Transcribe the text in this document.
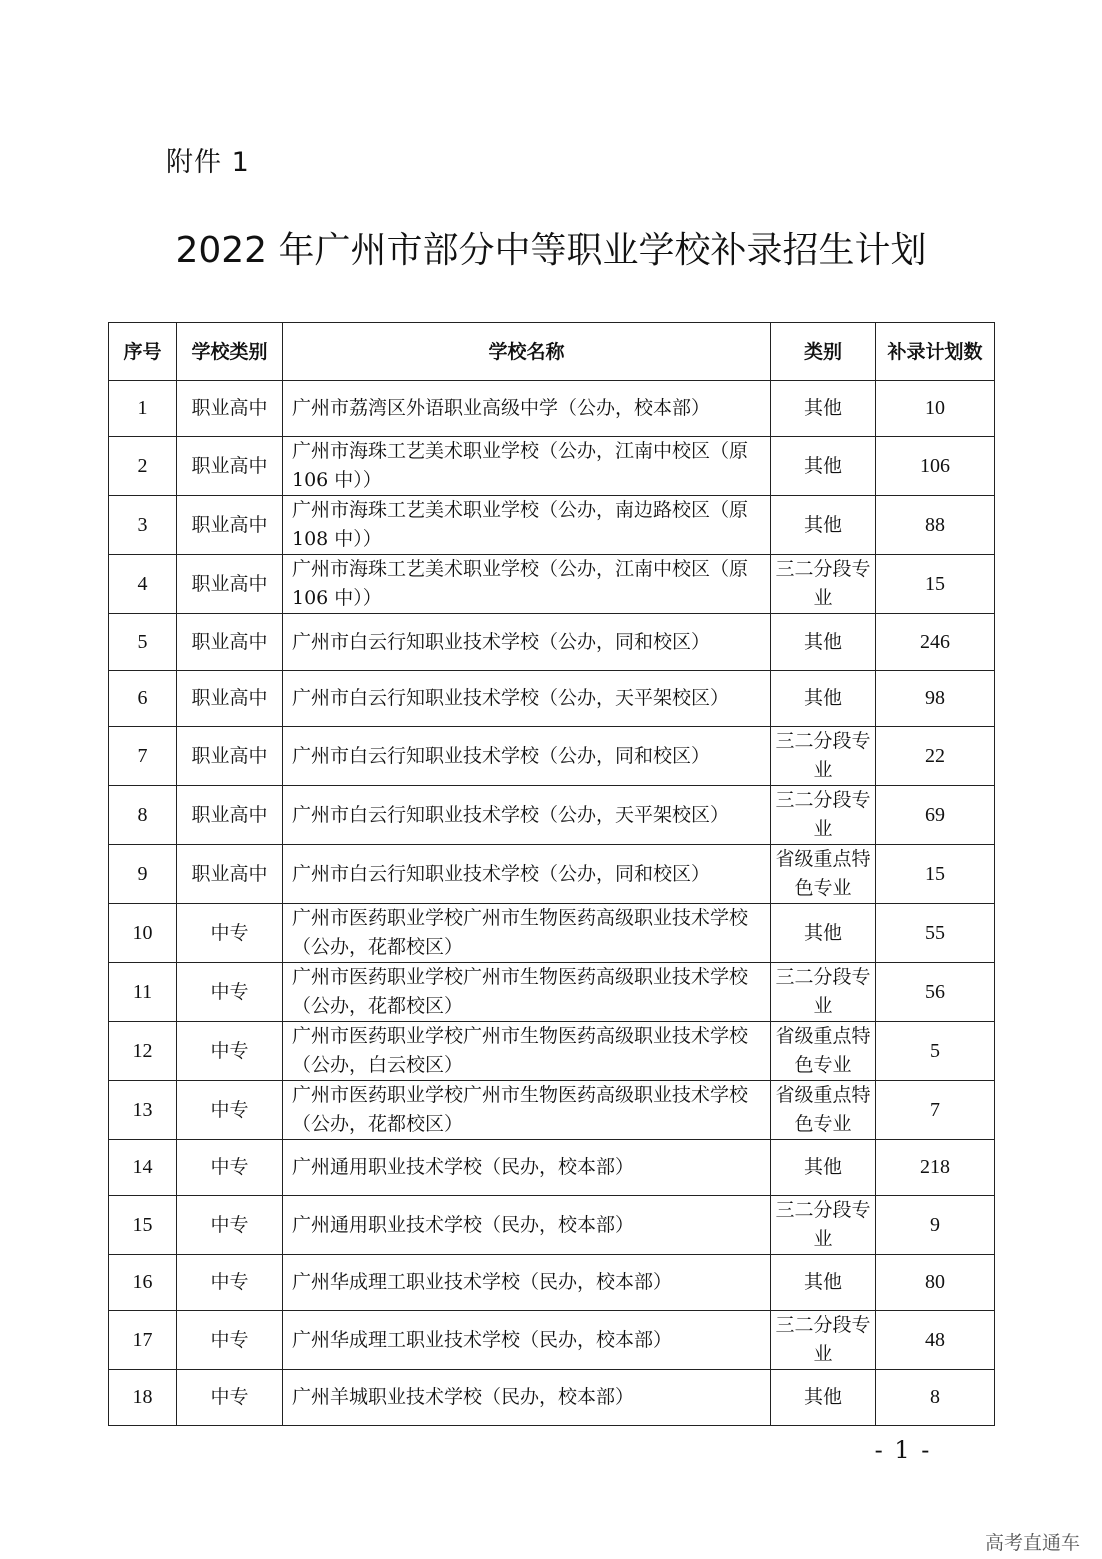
附件 1
2022 年广州市部分中等职业学校补录招生计划
序号	学校类别	学校名称	类别	补录计划数
1	职业高中	广州市荔湾区外语职业高级中学（公办，校本部）	其他	10
2	职业高中	广州市海珠工艺美术职业学校（公办，江南中校区（原 106 中））	其他	106
3	职业高中	广州市海珠工艺美术职业学校（公办，南边路校区（原 108 中））	其他	88
4	职业高中	广州市海珠工艺美术职业学校（公办，江南中校区（原 106 中））	三二分段专业	15
5	职业高中	广州市白云行知职业技术学校（公办，同和校区）	其他	246
6	职业高中	广州市白云行知职业技术学校（公办，天平架校区）	其他	98
7	职业高中	广州市白云行知职业技术学校（公办，同和校区）	三二分段专业	22
8	职业高中	广州市白云行知职业技术学校（公办，天平架校区）	三二分段专业	69
9	职业高中	广州市白云行知职业技术学校（公办，同和校区）	省级重点特色专业	15
10	中专	广州市医药职业学校广州市生物医药高级职业技术学校（公办，花都校区）	其他	55
11	中专	广州市医药职业学校广州市生物医药高级职业技术学校（公办，花都校区）	三二分段专业	56
12	中专	广州市医药职业学校广州市生物医药高级职业技术学校（公办，白云校区）	省级重点特色专业	5
13	中专	广州市医药职业学校广州市生物医药高级职业技术学校（公办，花都校区）	省级重点特色专业	7
14	中专	广州通用职业技术学校（民办，校本部）	其他	218
15	中专	广州通用职业技术学校（民办，校本部）	三二分段专业	9
16	中专	广州华成理工职业技术学校（民办，校本部）	其他	80
17	中专	广州华成理工职业技术学校（民办，校本部）	三二分段专业	48
18	中专	广州羊城职业技术学校（民办，校本部）	其他	8
- 1 -
高考直通车
